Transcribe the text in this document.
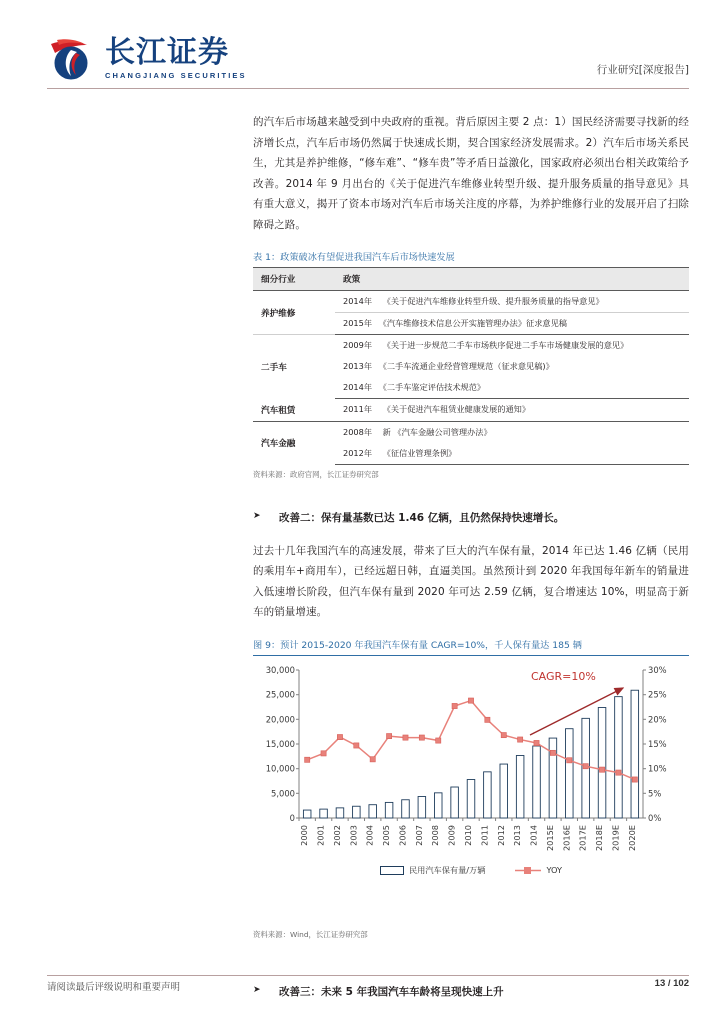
长江证券
CHANGJIANG SECURITIES	行业研究[深度报告]

的汽车后市场越来越受到中央政府的重视。背后原因主要 2 点：1）国民经济需要寻找新的经济增长点，汽车后市场仍然属于快速成长期，契合国家经济发展需求。2）汽车后市场关系民生，尤其是养护维修，“修车难”、“修车贵”等矛盾日益激化，国家政府必须出台相关政策给予改善。2014 年 9 月出台的《关于促进汽车维修业转型升级、提升服务质量的指导意见》具有重大意义，揭开了资本市场对汽车后市场关注度的序幕，为养护维修行业的发展开启了扫除障碍之路。

表 1：政策破冰有望促进我国汽车后市场快速发展

细分行业	政策
养护维修	2014年 《关于促进汽车维修业转型升级、提升服务质量的指导意见》
	2015年 《汽车维修技术信息公开实施管理办法》征求意见稿
二手车	2009年 《关于进一步规范二手车市场秩序促进二手车市场健康发展的意见》
	2013年 《二手车流通企业经营管理规范（征求意见稿)》
	2014年 《二手车鉴定评估技术规范》
汽车租赁	2011年 《关于促进汽车租赁业健康发展的通知》
汽车金融	2008年 新 《汽车金融公司管理办法》
	2012年 《征信业管理条例》

资料来源：政府官网，长江证券研究部

➤	改善二：保有量基数已达 1.46 亿辆，且仍然保持快速增长。

过去十几年我国汽车的高速发展，带来了巨大的汽车保有量，2014 年已达 1.46 亿辆（民用的乘用车+商用车），已经远超日韩，直逼美国。虽然预计到 2020 年我国每年新车的销量进入低速增长阶段，但汽车保有量到 2020 年可达 2.59 亿辆，复合增速达 10%，明显高于新车的销量增速。

图 9：预计 2015-2020 年我国汽车保有量 CAGR=10%，千人保有量达 185 辆

30,000
25,000
20,000
15,000
10,000
5,000
0
30%
25%
20%
15%
10%
5%
0%
2000 2001 2002 2003 2004 2005 2006 2007 2008 2009 2010 2011 2012 2013 2014 2015E 2016E 2017E 2018E 2019E 2020E
CAGR=10%
民用汽车保有量/万辆	YOY

资料来源：Wind，长江证券研究部

➤	改善三：未来 5 年我国汽车车龄将呈现快速上升
请阅读最后评级说明和重要声明	13 / 102
